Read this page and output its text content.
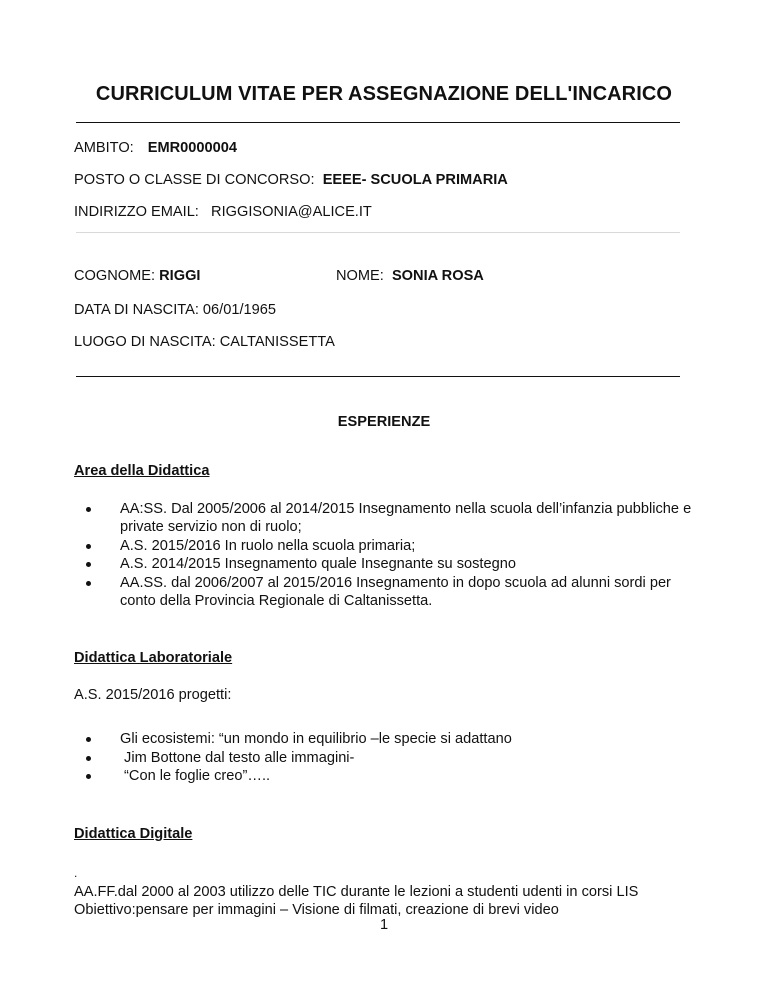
CURRICULUM VITAE PER ASSEGNAZIONE DELL'INCARICO
AMBITO: EMR0000004
POSTO O CLASSE DI CONCORSO: EEEE- SCUOLA PRIMARIA
INDIRIZZO EMAIL: RIGGISONIA@ALICE.IT
COGNOME: RIGGI	NOME: SONIA ROSA
DATA DI NASCITA: 06/01/1965
LUOGO DI NASCITA: CALTANISSETTA
ESPERIENZE
Area della Didattica
AA:SS. Dal 2005/2006 al 2014/2015 Insegnamento nella scuola dell’infanzia pubbliche e private servizio non di ruolo;
A.S. 2015/2016 In ruolo nella scuola primaria;
A.S. 2014/2015 Insegnamento quale Insegnante su sostegno
AA.SS. dal 2006/2007 al 2015/2016 Insegnamento in dopo scuola ad alunni sordi per conto della Provincia Regionale di Caltanissetta.
Didattica Laboratoriale
A.S. 2015/2016 progetti:
Gli ecosistemi: “un mondo in equilibrio –le specie si adattano
Jim Bottone dal testo alle immagini-
“Con le foglie creo”…..
Didattica Digitale
.
AA.FF.dal 2000 al 2003 utilizzo delle TIC durante le lezioni a studenti udenti in corsi LIS
Obiettivo:pensare per immagini – Visione di filmati, creazione di brevi video
1
